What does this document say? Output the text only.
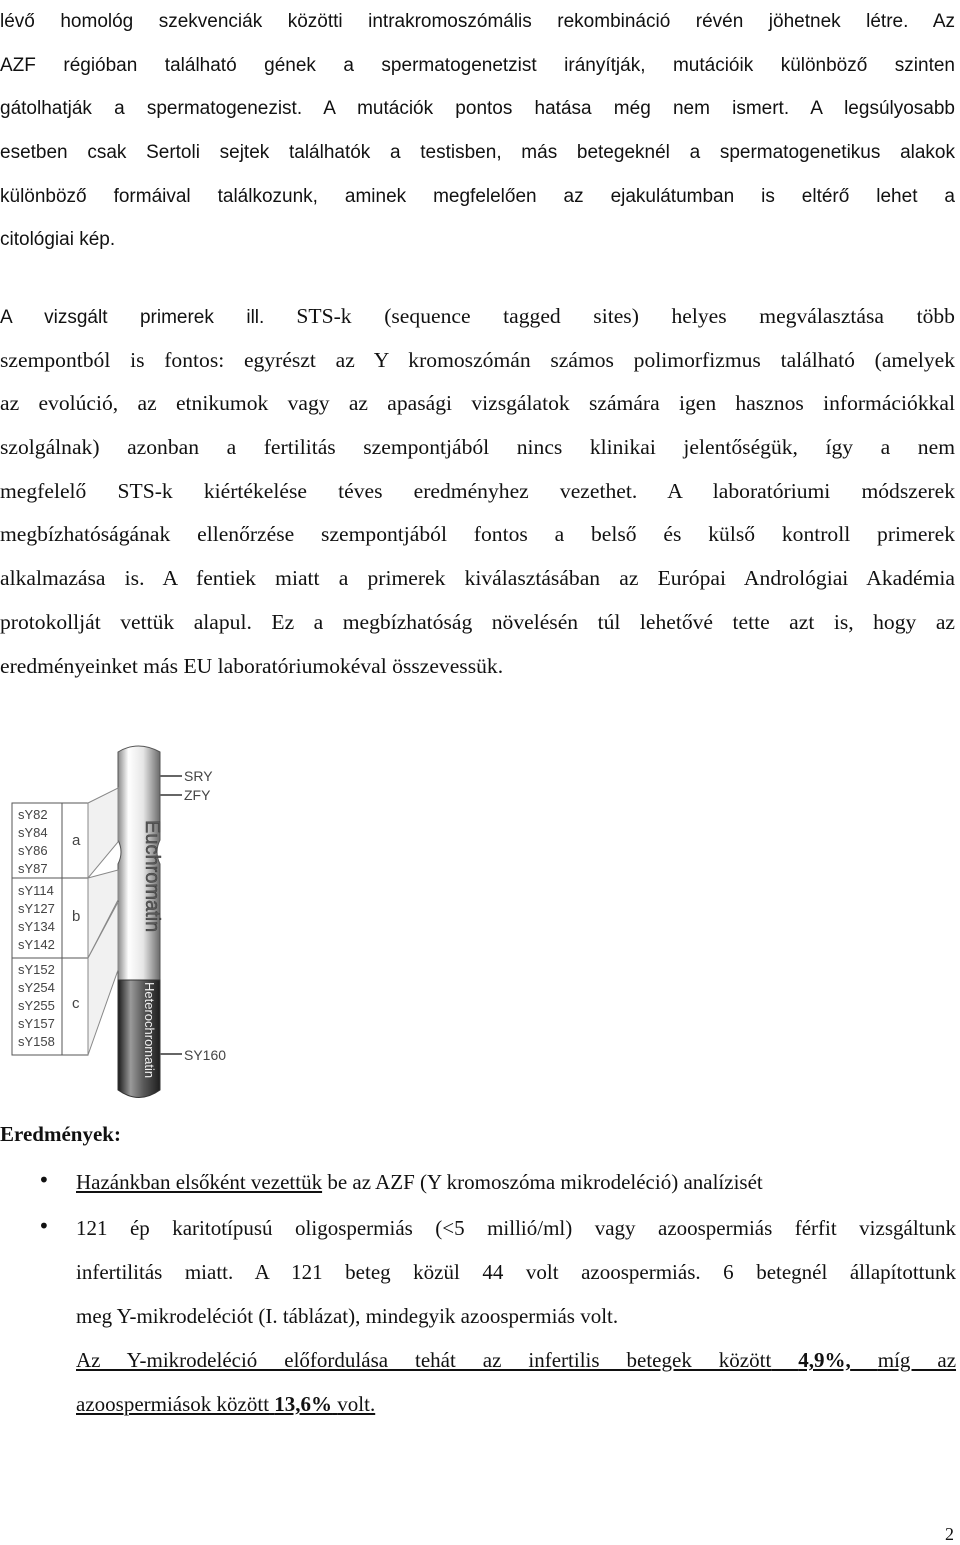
lévő homológ szekvenciák közötti intrakromoszómális rekombináció révén jöhetnek létre. Az
AZF régióban található gének a spermatogenetzist irányítják, mutációik különböző szinten
gátolhatják a spermatogenezist. A mutációk pontos hatása még nem ismert. A legsúlyosabb
esetben csak Sertoli sejtek találhatók a testisben, más betegeknél a spermatogenetikus alakok
különböző formáival találkozunk, aminek megfelelően az ejakulátumban is eltérő lehet a
citológiai kép.
A vizsgált primerek ill. STS-k (sequence tagged sites) helyes megválasztása több
szempontból is fontos: egyrészt az Y kromoszómán számos polimorfizmus található (amelyek
az evolúció, az etnikumok vagy az apasági vizsgálatok számára igen hasznos információkkal
szolgálnak) azonban a fertilitás szempontjából nincs klinikai jelentőségük, így a nem
megfelelő STS-k kiértékelése téves eredményhez vezethet. A laboratóriumi módszerek
megbízhatóságának ellenőrzése szempontjából fontos a belső és külső kontroll primerek
alkalmazása is. A fentiek miatt a primerek kiválasztásában az Európai Andrológiai Akadémia
protokollját vettük alapul. Ez a megbízhatóság növelésén túl lehetővé tette azt is, hogy az
eredményeinket más EU laboratóriumokéval összevessük.
Euchromatin
Heterochromatin
SRY
ZFY
SY160
sY82
sY84
sY86
sY87
a
sY114
sY127
sY134
sY142
b
sY152
sY254
sY255
sY157
sY158
c
Eredmények:
• Hazánkban elsőként vezettük be az AZF (Y kromoszóma mikrodeléció) analízisét
• 121 ép karitotípusú oligospermiás (<5 millió/ml) vagy azoospermiás férfit vizsgáltunk
infertilitás miatt. A 121 beteg közül 44 volt azoospermiás. 6 betegnél állapítottunk
meg Y-mikrodeléciót (I. táblázat), mindegyik azoospermiás volt.
Az Y-mikrodeléció előfordulása tehát az infertilis betegek között 4,9%, míg az
azoospermiások között 13,6% volt.
2
